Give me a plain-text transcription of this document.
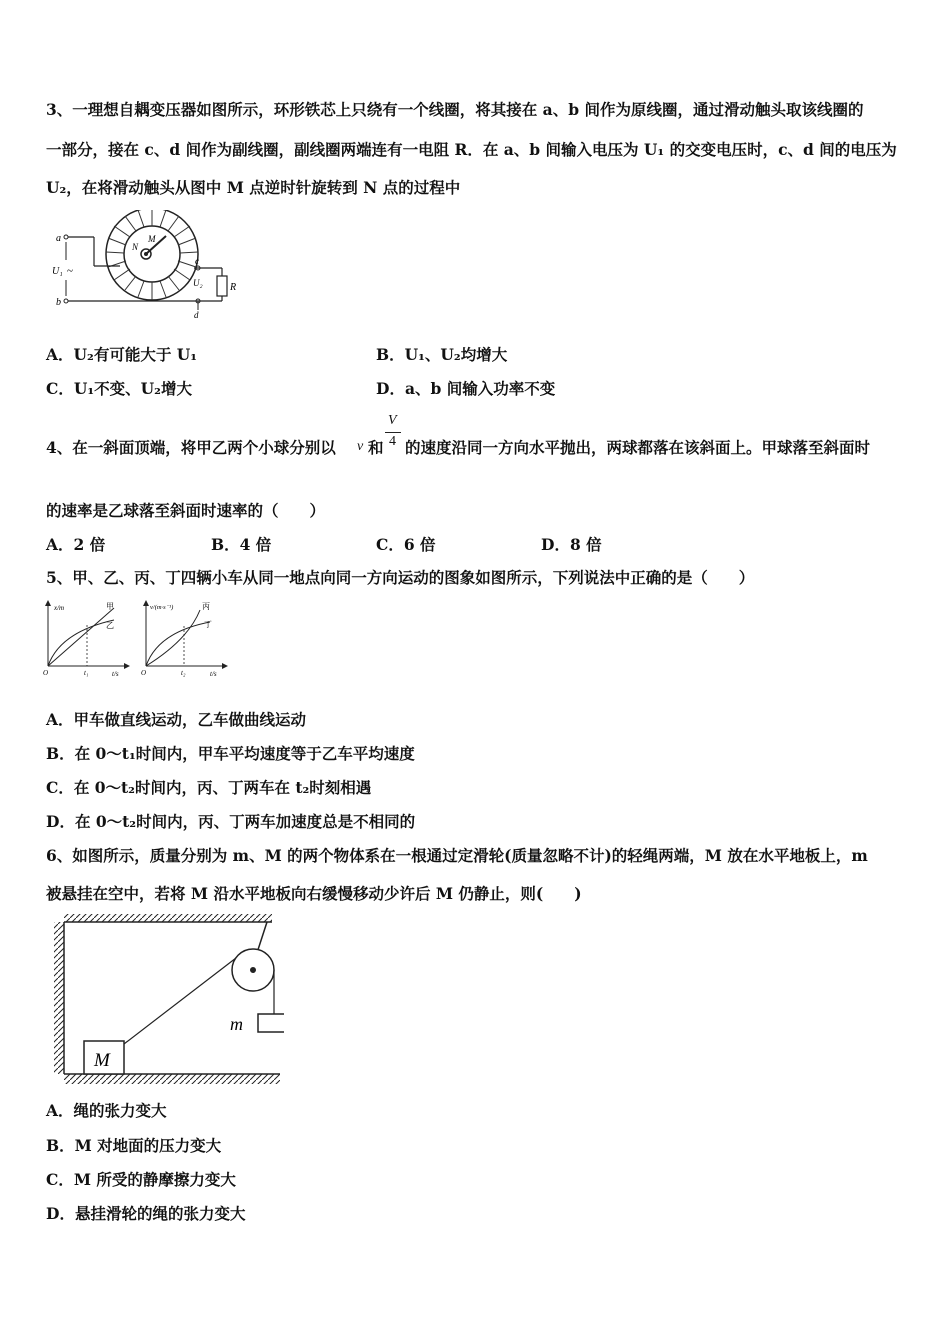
3、一理想自耦变压器如图所示，环形铁芯上只绕有一个线圈，将其接在 a、b 间作为原线圈，通过滑动触头取该线圈的
一部分，接在 c、d 间作为副线圈，副线圈两端连有一电阻 R．在 a、b 间输入电压为 U₁ 的交变电压时，c、d 间的电压为
U₂，在将滑动触头从图中 M 点逆时针旋转到 N 点的过程中
a
b
U₁ ~
N
M
R
c
d
U₂
A．U₂有可能大于 U₁	B．U₁、U₂均增大
C．U₁不变、U₂增大	D．a、b 间输入功率不变
V
4
4、在一斜面顶端，将甲乙两个小球分别以 v 和 的速度沿同一方向水平抛出，两球都落在该斜面上。甲球落至斜面时
的速率是乙球落至斜面时速率的（　　）
A．2 倍	B．4 倍	C．6 倍	D．8 倍
5、甲、乙、丙、丁四辆小车从同一地点向同一方向运动的图象如图所示，下列说法中正确的是（　　）
x/m
t/s
O	t₁
甲
乙
v/(m·s⁻¹)
t/s
O	t₂
丙
丁
A．甲车做直线运动，乙车做曲线运动
B．在 0～t₁时间内，甲车平均速度等于乙车平均速度
C．在 0～t₂时间内，丙、丁两车在 t₂时刻相遇
D．在 0～t₂时间内，丙、丁两车加速度总是不相同的
6、如图所示，质量分别为 m、M 的两个物体系在一根通过定滑轮(质量忽略不计)的轻绳两端，M 放在水平地板上，m
被悬挂在空中，若将 M 沿水平地板向右缓慢移动少许后 M 仍静止，则(　　)
m
M
A．绳的张力变大
B．M 对地面的压力变大
C．M 所受的静摩擦力变大
D．悬挂滑轮的绳的张力变大
